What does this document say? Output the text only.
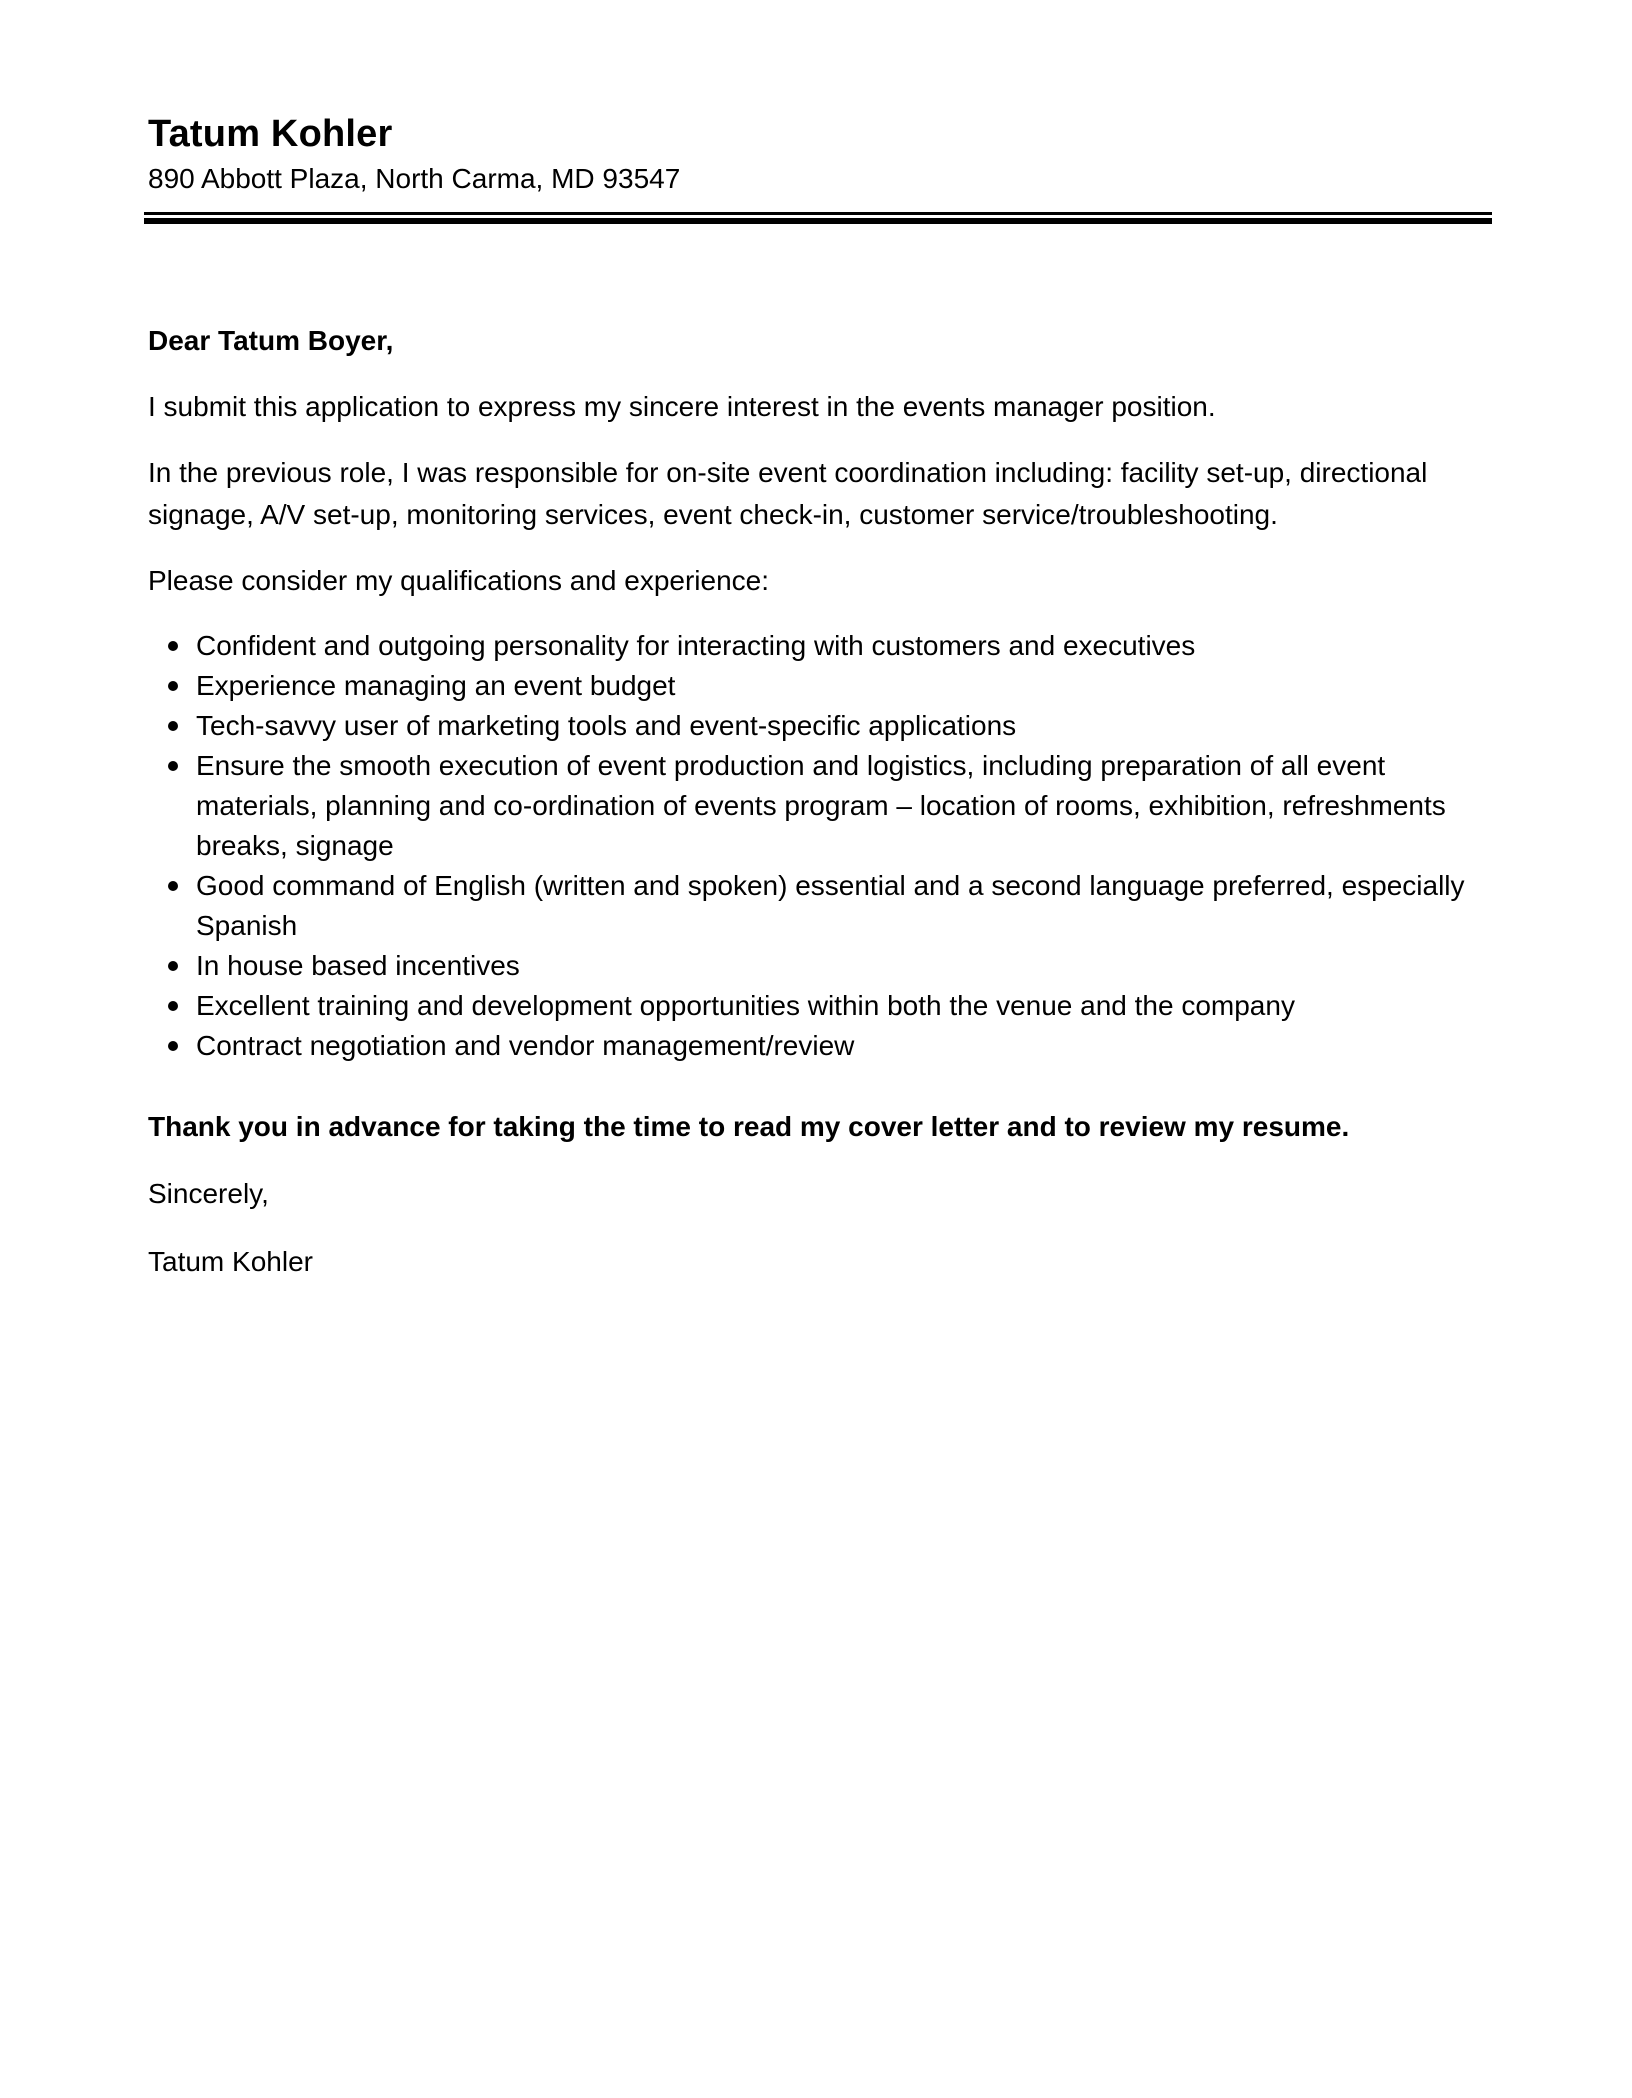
Tatum Kohler
890 Abbott Plaza, North Carma, MD 93547

Dear Tatum Boyer,

I submit this application to express my sincere interest in the events manager position.

In the previous role, I was responsible for on-site event coordination including: facility set-up, directional signage, A/V set-up, monitoring services, event check-in, customer service/troubleshooting.

Please consider my qualifications and experience:

Confident and outgoing personality for interacting with customers and executives
Experience managing an event budget
Tech-savvy user of marketing tools and event-specific applications
Ensure the smooth execution of event production and logistics, including preparation of all event materials, planning and co-ordination of events program – location of rooms, exhibition, refreshments breaks, signage
Good command of English (written and spoken) essential and a second language preferred, especially Spanish
In house based incentives
Excellent training and development opportunities within both the venue and the company
Contract negotiation and vendor management/review

Thank you in advance for taking the time to read my cover letter and to review my resume.

Sincerely,

Tatum Kohler
